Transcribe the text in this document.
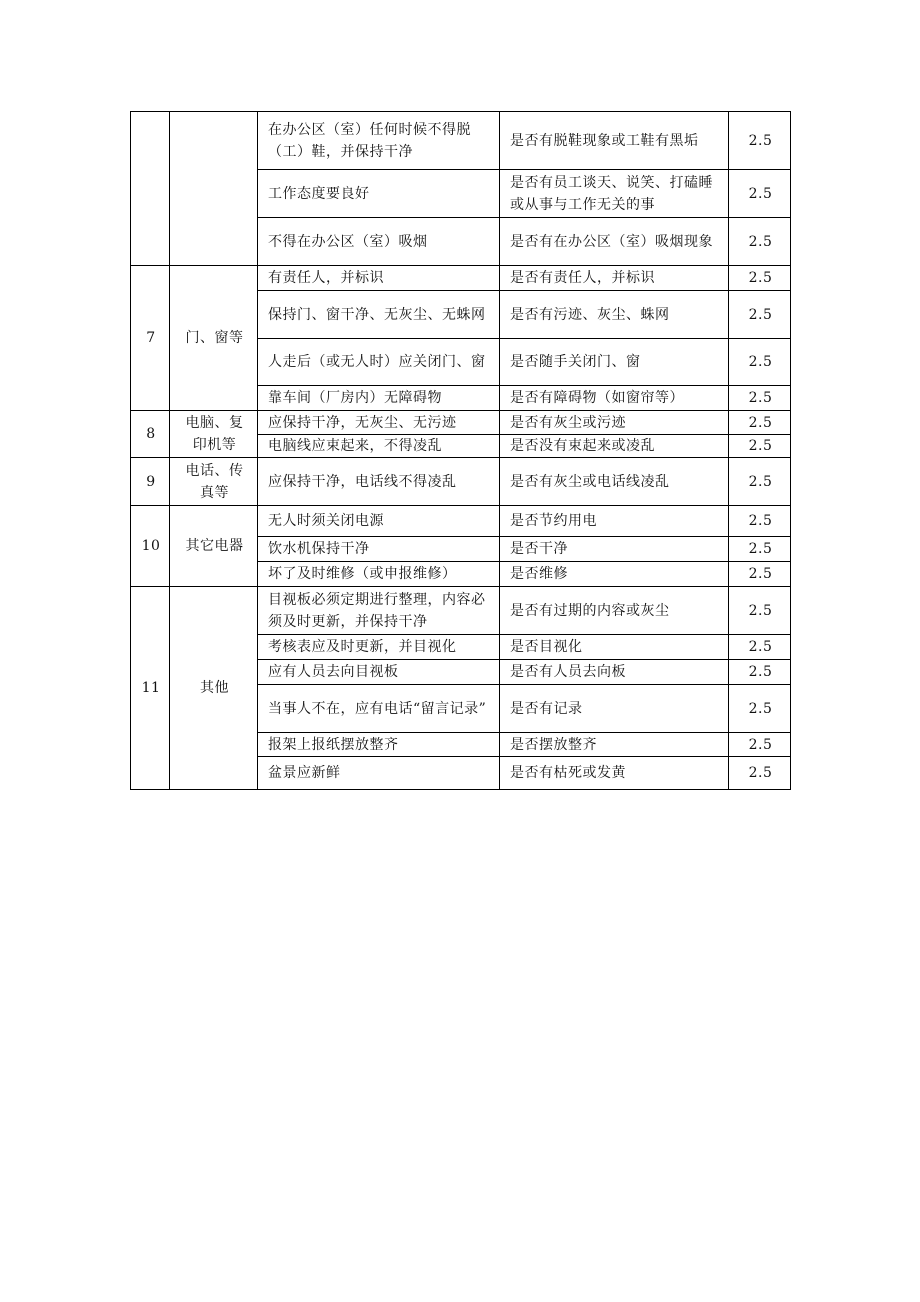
		在办公区（室）任何时候不得脱（工）鞋，并保持干净	是否有脱鞋现象或工鞋有黑垢	2.5
		工作态度要良好	是否有员工谈天、说笑、打磕睡或从事与工作无关的事	2.5
		不得在办公区（室）吸烟	是否有在办公区（室）吸烟现象	2.5
7	门、窗等	有责任人，并标识	是否有责任人，并标识	2.5
		保持门、窗干净、无灰尘、无蛛网	是否有污迹、灰尘、蛛网	2.5
		人走后（或无人时）应关闭门、窗	是否随手关闭门、窗	2.5
		靠车间（厂房内）无障碍物	是否有障碍物（如窗帘等）	2.5
8	电脑、复印机等	应保持干净，无灰尘、无污迹	是否有灰尘或污迹	2.5
		电脑线应束起来，不得凌乱	是否没有束起来或凌乱	2.5
9	电话、传真等	应保持干净，电话线不得凌乱	是否有灰尘或电话线凌乱	2.5
10	其它电器	无人时须关闭电源	是否节约用电	2.5
		饮水机保持干净	是否干净	2.5
		坏了及时维修（或申报维修）	是否维修	2.5
11	其他	目视板必须定期进行整理，内容必须及时更新，并保持干净	是否有过期的内容或灰尘	2.5
		考核表应及时更新，并目视化	是否目视化	2.5
		应有人员去向目视板	是否有人员去向板	2.5
		当事人不在，应有电话“留言记录”	是否有记录	2.5
		报架上报纸摆放整齐	是否摆放整齐	2.5
		盆景应新鲜	是否有枯死或发黄	2.5
